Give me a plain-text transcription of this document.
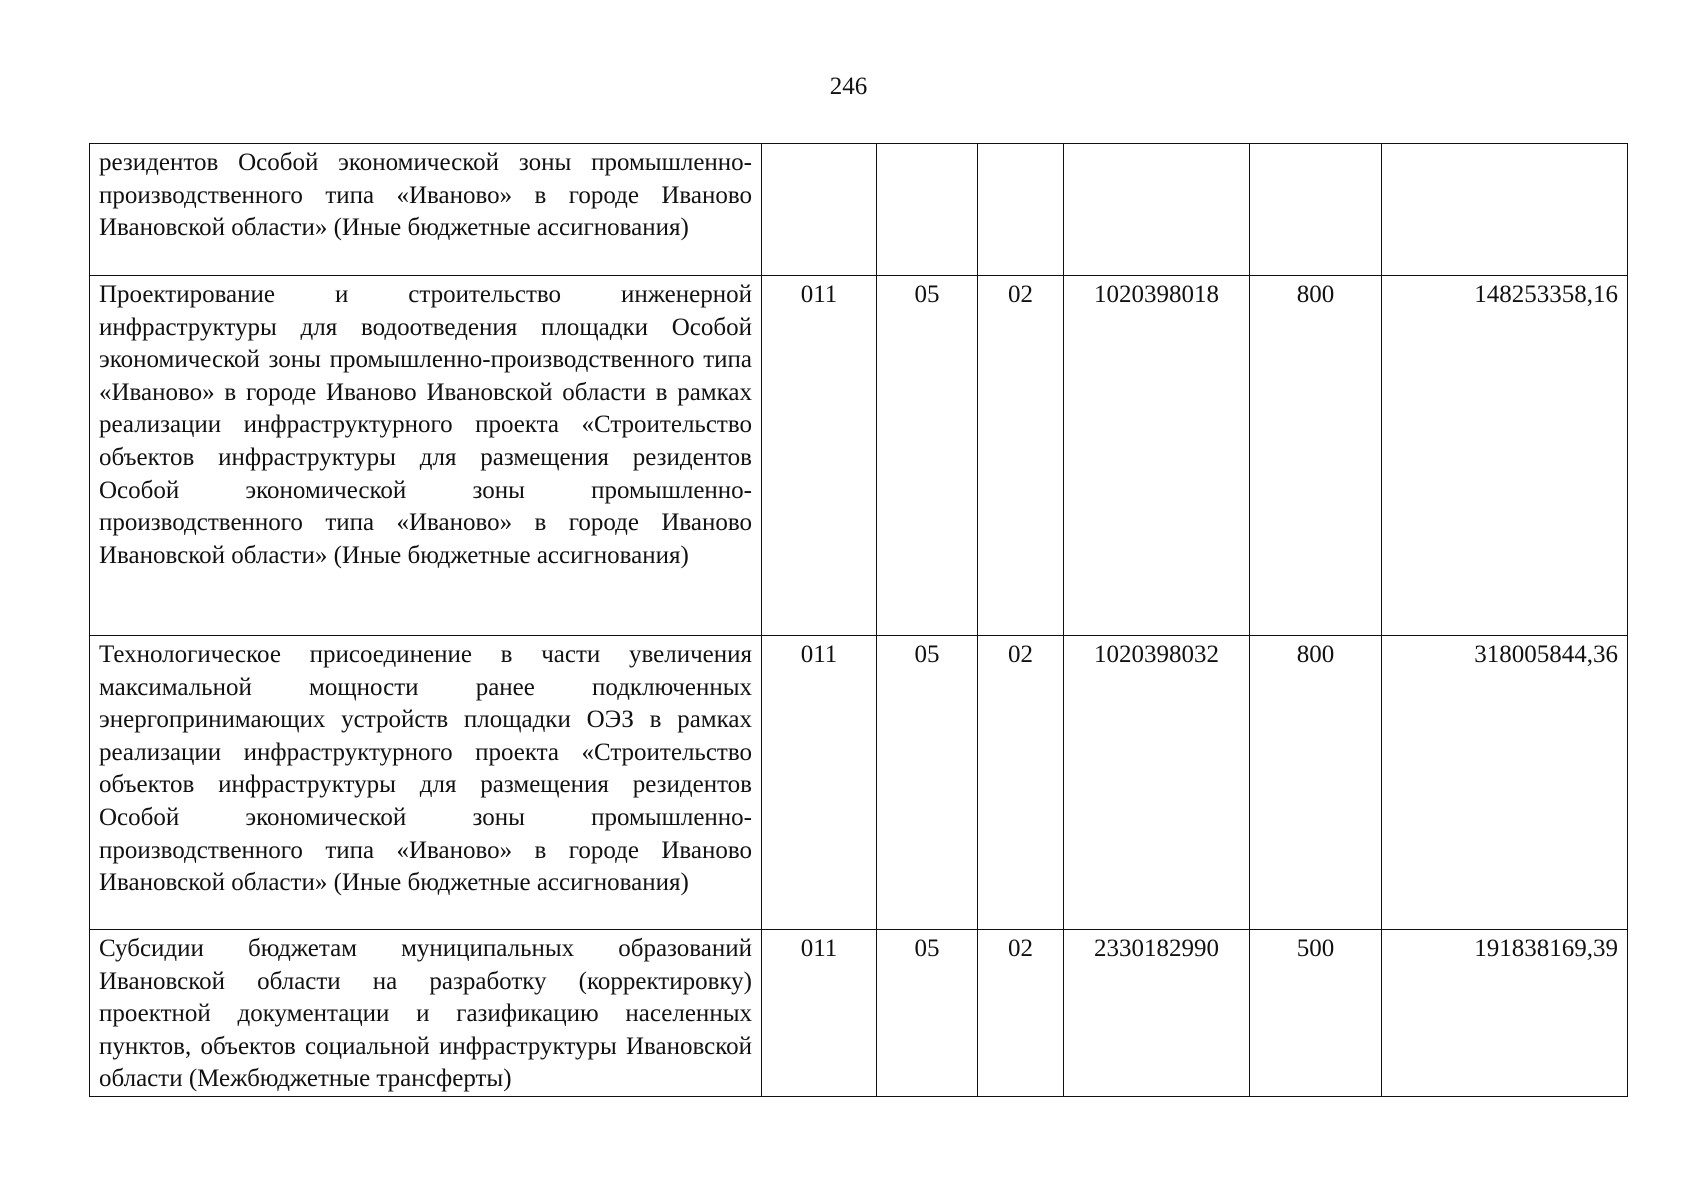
246
резидентов Особой экономической зоны промышленно-производственного типа «Иваново» в городе Иваново Ивановской области» (Иные бюджетные ассигнования)						
Проектирование и строительство инженерной инфраструктуры для водоотведения площадки Особой экономической зоны промышленно-производственного типа «Иваново» в городе Иваново Ивановской области в рамках реализации инфраструктурного проекта «Строительство объектов инфраструктуры для размещения резидентов Особой экономической зоны промышленно-производственного типа «Иваново» в городе Иваново Ивановской области» (Иные бюджетные ассигнования)	011	05	02	1020398018	800	148253358,16
Технологическое присоединение в части увеличения максимальной мощности ранее подключенных энергопринимающих устройств площадки ОЭЗ в рамках реализации инфраструктурного проекта «Строительство объектов инфраструктуры для размещения резидентов Особой экономической зоны промышленно-производственного типа «Иваново» в городе Иваново Ивановской области» (Иные бюджетные ассигнования)	011	05	02	1020398032	800	318005844,36
Субсидии бюджетам муниципальных образований Ивановской области на разработку (корректировку) проектной документации и газификацию населенных пунктов, объектов социальной инфраструктуры Ивановской области (Межбюджетные трансферты)	011	05	02	2330182990	500	191838169,39
